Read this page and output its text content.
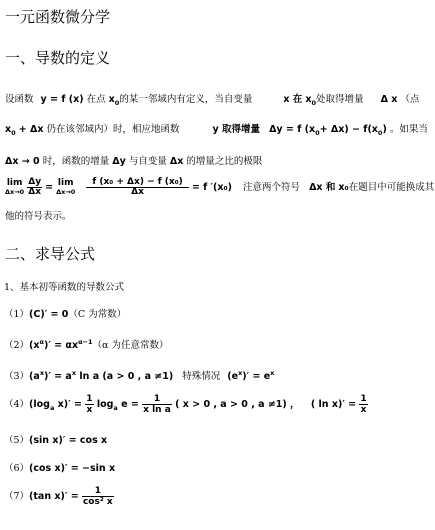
一元函数微分学
一、导数的定义
设函数 y = f (x) 在点 $x_0$的某一邻域内有定义，当自变量	x 在 $x_0$处取得增量 Δ x （点
$x_0 + \Delta x$ 仍在该邻域内）时，相应地函数	y 取得增量 Δy = f $(x_0+ \Delta x) - f(x_0)$ 。如果当
Δx → 0 时，函数的增量 Δy 与自变量 Δx 的增量之比的极限
lim
Δx→0
$\frac{\Delta y}{\Delta x} = \lim$
Δx→0
$\frac{\text{f (x₀ + Δx) − f (x₀)}}{\Delta x} = f$ ′(x₀) 注意两个符号 Δx 和 x₀在题目中可能换成其
他的符号表示。
二、求导公式
1、基本初等函数的导数公式
（1）(C)′ = 0（C 为常数）
$(2)(x^\alpha)' = \alpha x^{\alpha-1}(\alpha$ 为任意常数）
$(3)(a^x)' = a^x$ ln a (a > 0 , a ≠1) 特殊情况 $(e^x)' = e^x$
$(4)(\log_a$ $x)' = \frac{1}{x} \log_a e = \frac{1}{\text{x ln a}}$ ( x > 0 , a > 0 , a ≠1) ， ( $\ln x)' = \frac{1}{x}$
（5）(sin x)′ = cos x
（6）(cos x)′ = −sin x
（7）(tan $x)' = \frac{1}{\text{cos² x}}$
